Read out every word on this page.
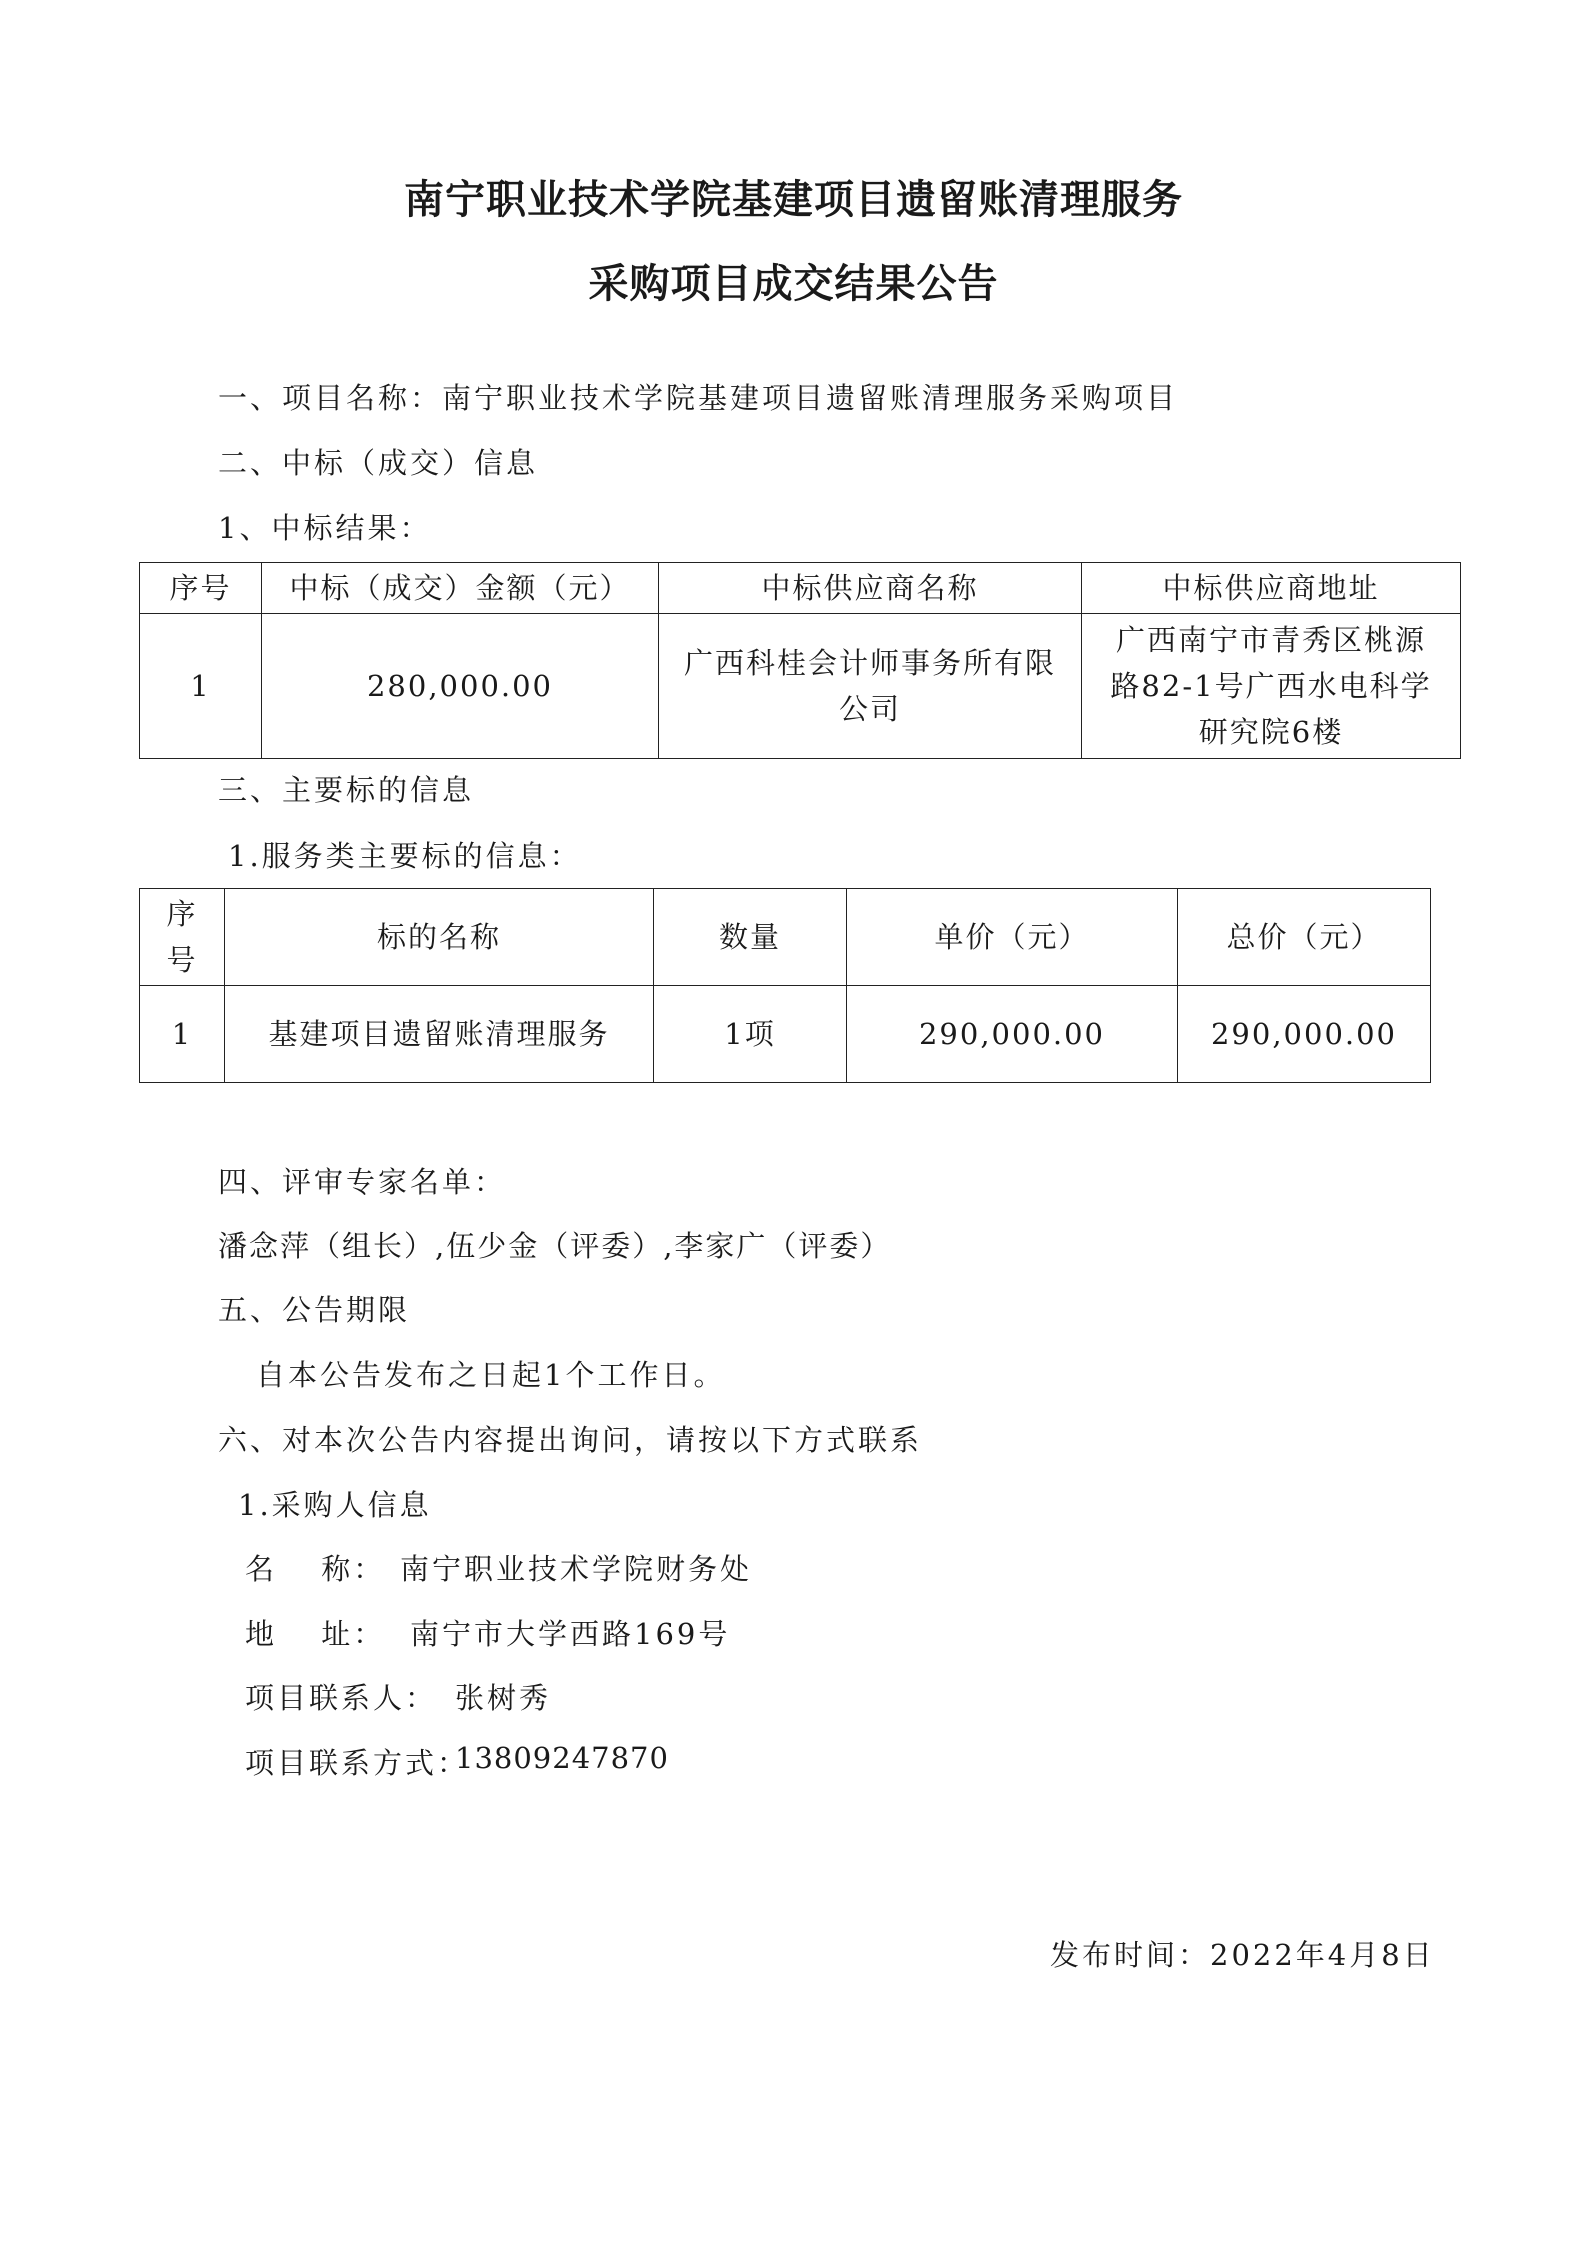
南宁职业技术学院基建项目遗留账清理服务
采购项目成交结果公告
一、项目名称：南宁职业技术学院基建项目遗留账清理服务采购项目
二、中标（成交）信息
1、中标结果：
序号	中标（成交）金额（元）	中标供应商名称	中标供应商地址
1	280,000.00	广西科桂会计师事务所有限公司	广西南宁市青秀区桃源路82-1号广西水电科学研究院6楼
三、主要标的信息
1.服务类主要标的信息：
序号	标的名称	数量	单价（元）	总价（元）
1	基建项目遗留账清理服务	1项	290,000.00	290,000.00
四、评审专家名单：
潘念萍（组长）,伍少金（评委）,李家广（评委）
五、公告期限
自本公告发布之日起1个工作日。
六、对本次公告内容提出询问，请按以下方式联系
1.采购人信息
名　 称： 南宁职业技术学院财务处
地　 址： 南宁市大学西路169号
项目联系人： 张树秀
项目联系方式：
13809247870
发布时间：2022年4月8日
